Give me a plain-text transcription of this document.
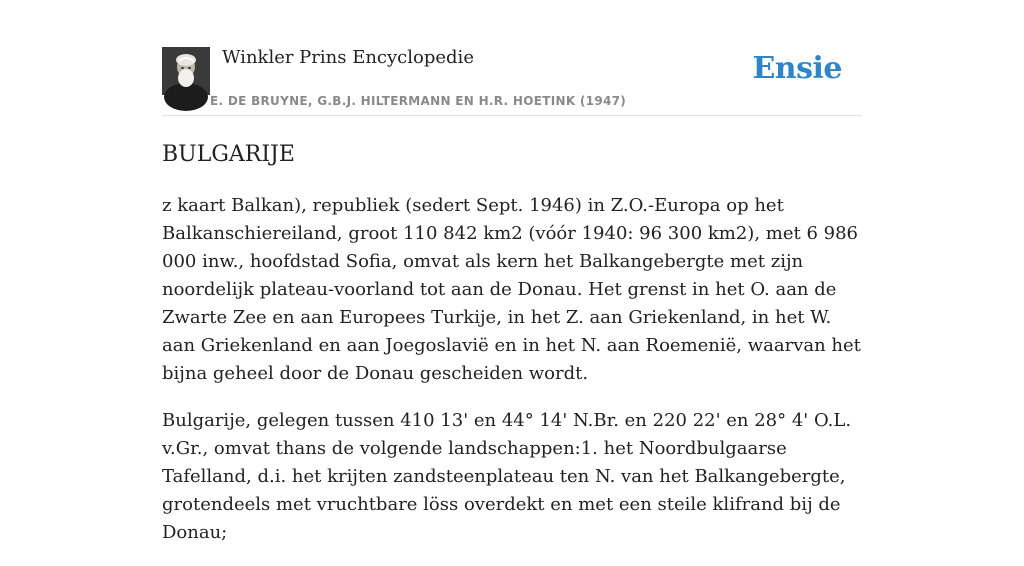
Winkler Prins Encyclopedie	Ensie
E. DE BRUYNE, G.B.J. HILTERMANN EN H.R. HOETINK (1947)
BULGARIJE

z kaart Balkan), republiek (sedert Sept. 1946) in Z.O.-Europa op het Balkanschiereiland, groot 110 842 km2 (vóór 1940: 96 300 km2), met 6 986 000 inw., hoofdstad Sofia, omvat als kern het Balkangebergte met zijn noordelijk plateau-voorland tot aan de Donau. Het grenst in het O. aan de Zwarte Zee en aan Europees Turkije, in het Z. aan Griekenland, in het W. aan Griekenland en aan Joegoslavië en in het N. aan Roemenië, waarvan het bijna geheel door de Donau gescheiden wordt.

Bulgarije, gelegen tussen 410 13' en 44° 14' N.Br. en 220 22' en 28° 4' O.L. v.Gr., omvat thans de volgende landschappen:1. het Noordbulgaarse Tafelland, d.i. het krijten zandsteenplateau ten N. van het Balkangebergte, grotendeels met vruchtbare löss overdekt en met een steile klifrand bij de Donau;
